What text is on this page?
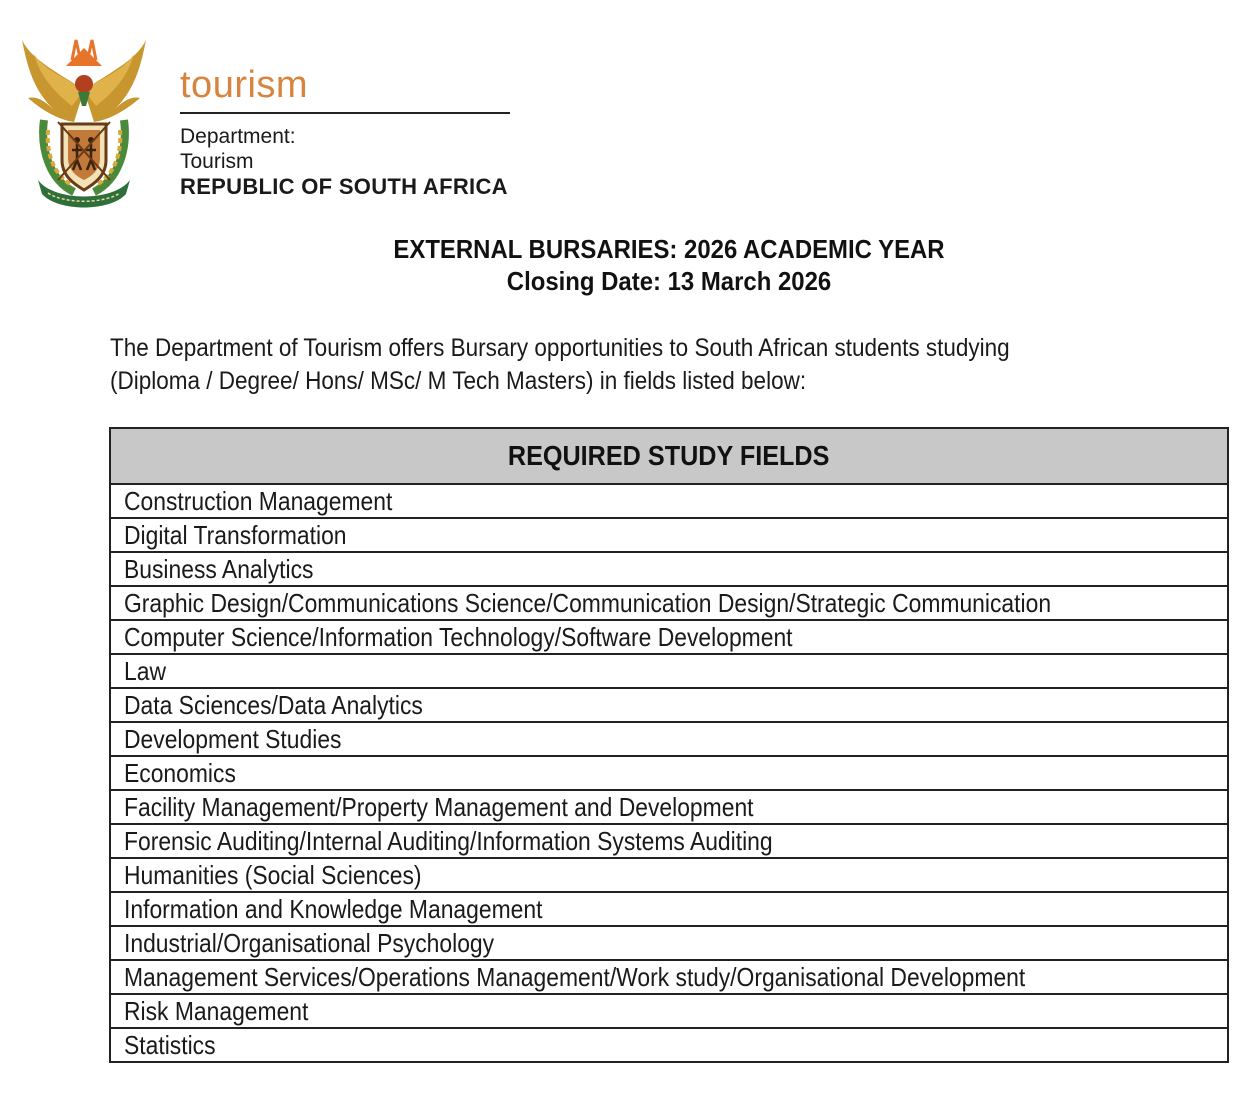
tourism
Department:
Tourism
REPUBLIC OF SOUTH AFRICA
EXTERNAL BURSARIES: 2026 ACADEMIC YEAR
Closing Date: 13 March 2026
The Department of Tourism offers Bursary opportunities to South African students studying
(Diploma / Degree/ Hons/ MSc/ M Tech Masters) in fields listed below:
REQUIRED STUDY FIELDS
Construction Management
Digital Transformation
Business Analytics
Graphic Design/Communications Science/Communication Design/Strategic Communication
Computer Science/Information Technology/Software Development
Law
Data Sciences/Data Analytics
Development Studies
Economics
Facility Management/Property Management and Development
Forensic Auditing/Internal Auditing/Information Systems Auditing
Humanities (Social Sciences)
Information and Knowledge Management
Industrial/Organisational Psychology
Management Services/Operations Management/Work study/Organisational Development
Risk Management
Statistics
